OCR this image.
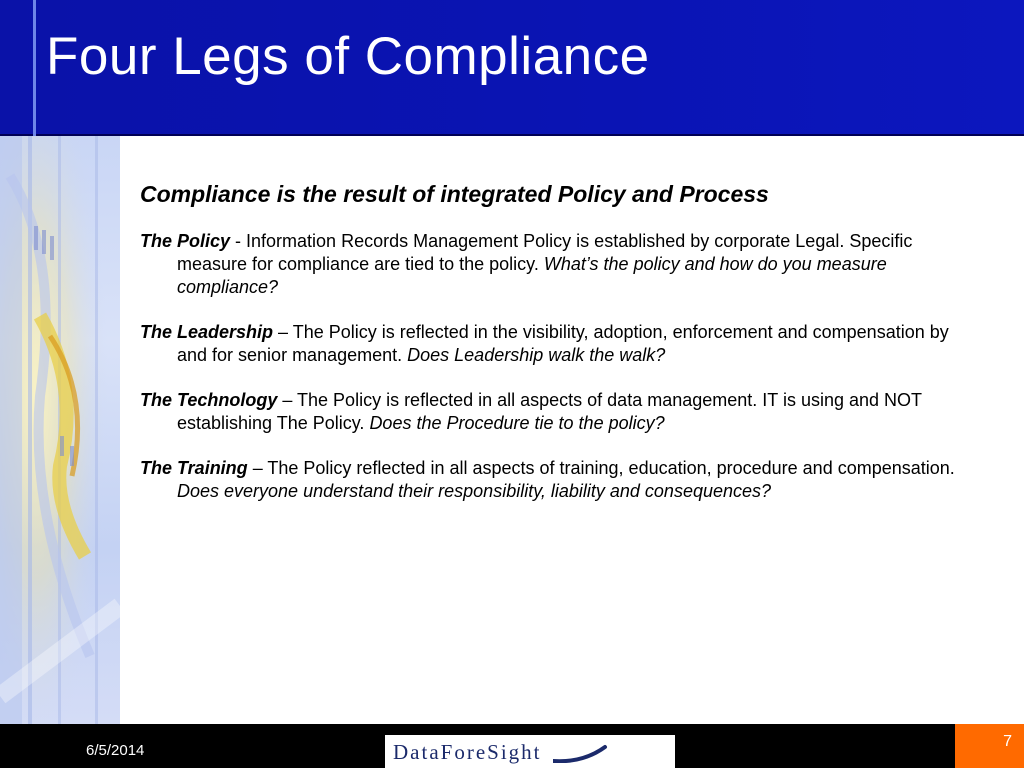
Four Legs of Compliance
Compliance is the result of integrated Policy and Process
The Policy - Information Records Management Policy is established by corporate Legal. Specific measure for compliance are tied to the policy. What’s the policy and how do you measure compliance?
The Leadership – The Policy is reflected in the visibility, adoption, enforcement and compensation by and for senior management. Does Leadership walk the walk?
The Technology – The Policy is reflected in all aspects of data management. IT is using and NOT establishing The Policy. Does the Procedure tie to the policy?
The Training – The Policy reflected in all aspects of training, education, procedure and compensation. Does everyone understand their responsibility, liability and consequences?
6/5/2014	DataForeSight	7
